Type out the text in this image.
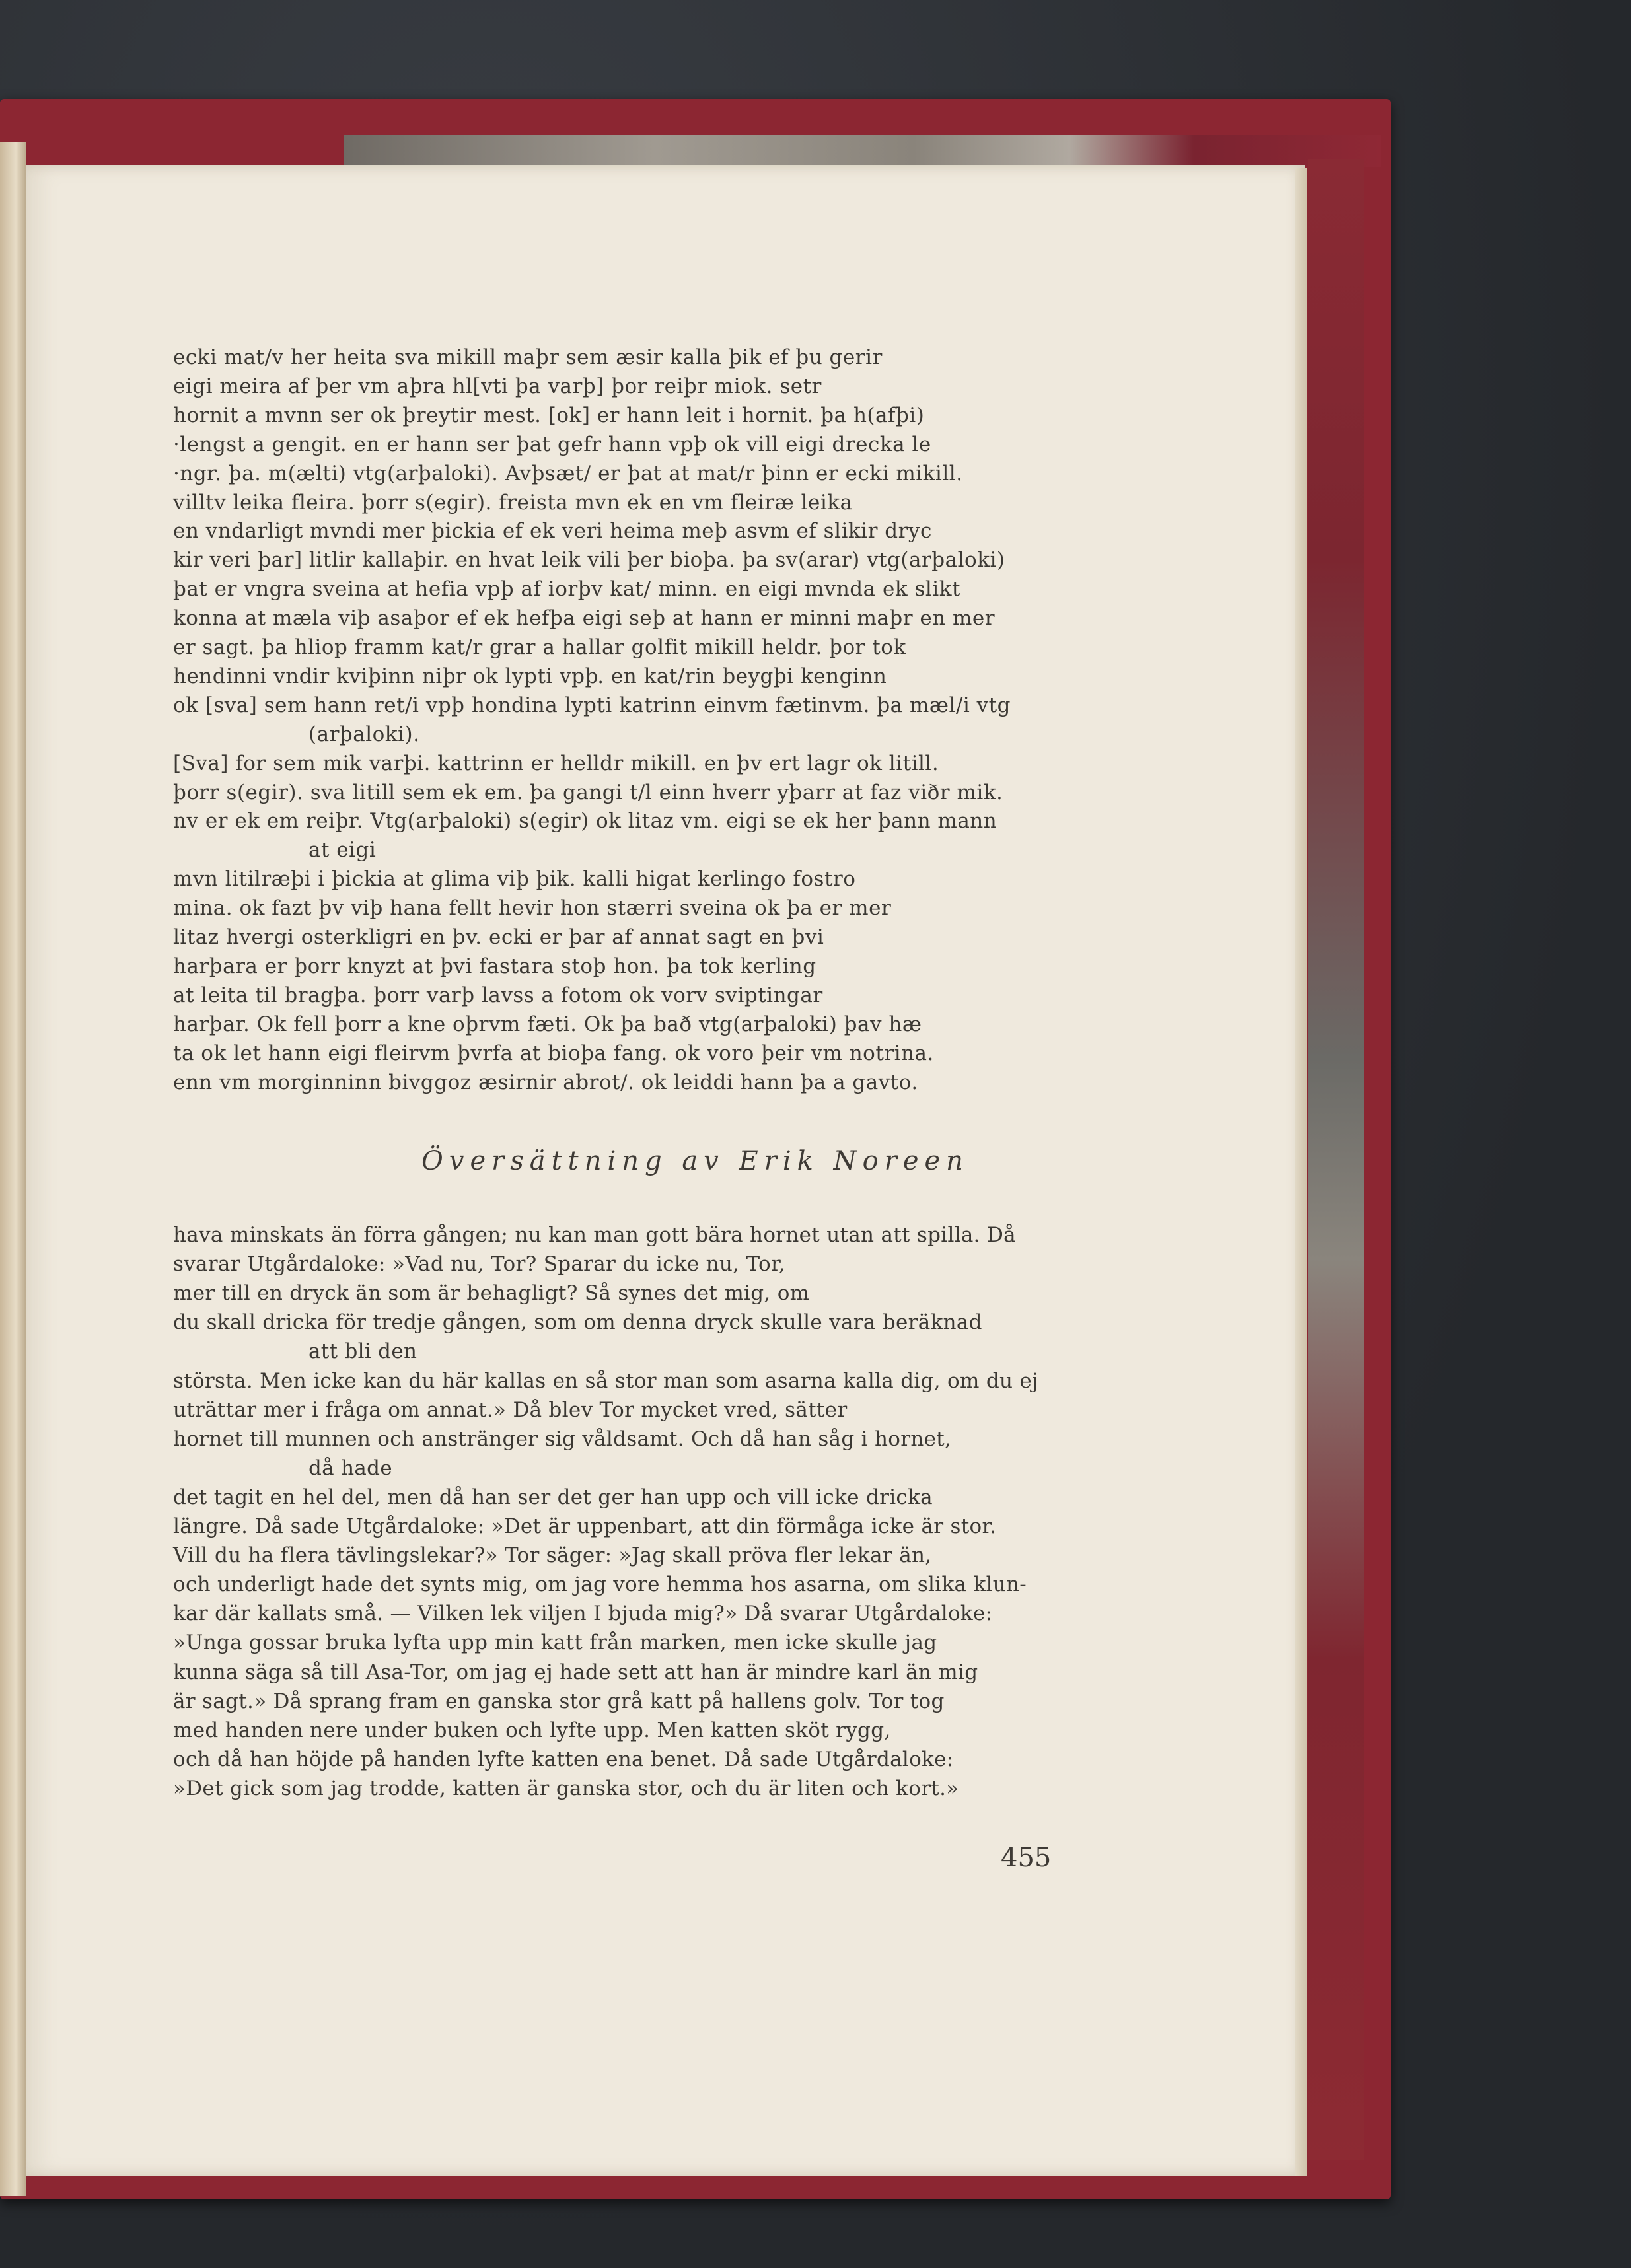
ecki mat/v her heita sva mikill maþr sem æsir kalla þik ef þu gerir
eigi meira af þer vm aþra hl[vti þa varþ] þor reiþr miok. setr
hornit a mvnn ser ok þreytir mest. [ok] er hann leit i hornit. þa h(afþi)
·lengst a gengit. en er hann ser þat gefr hann vpþ ok vill eigi drecka le
·ngr. þa. m(ælti) vtg(arþaloki). Avþsæt/ er þat at mat/r þinn er ecki mikill.
villtv leika fleira. þorr s(egir). freista mvn ek en vm fleiræ leika
en vndarligt mvndi mer þickia ef ek veri heima meþ asvm ef slikir dryc
kir veri þar] litlir kallaþir. en hvat leik vili þer bioþa. þa sv(arar) vtg(arþaloki)
þat er vngra sveina at hefia vpþ af iorþv kat/ minn. en eigi mvnda ek slikt
konna at mæla viþ asaþor ef ek hefþa eigi seþ at hann er minni maþr en mer
er sagt. þa hliop framm kat/r grar a hallar golfit mikill heldr. þor tok
hendinni vndir kviþinn niþr ok lypti vpþ. en kat/rin beygþi kenginn
ok [sva] sem hann ret/i vpþ hondina lypti katrinn einvm fætinvm. þa mæl/i vtg
(arþaloki).
[Sva] for sem mik varþi. kattrinn er helldr mikill. en þv ert lagr ok litill.
þorr s(egir). sva litill sem ek em. þa gangi t/l einn hverr yþarr at faz viðr mik.
nv er ek em reiþr. Vtg(arþaloki) s(egir) ok litaz vm. eigi se ek her þann mann
at eigi
mvn litilræþi i þickia at glima viþ þik. kalli higat kerlingo fostro
mina. ok fazt þv viþ hana fellt hevir hon stærri sveina ok þa er mer
litaz hvergi osterkligri en þv. ecki er þar af annat sagt en þvi
harþara er þorr knyzt at þvi fastara stoþ hon. þa tok kerling
at leita til bragþa. þorr varþ lavss a fotom ok vorv sviptingar
harþar. Ok fell þorr a kne oþrvm fæti. Ok þa bað vtg(arþaloki) þav hæ
ta ok let hann eigi fleirvm þvrfa at bioþa fang. ok voro þeir vm notrina.
enn vm morginninn bivggoz æsirnir abrot/. ok leiddi hann þa a gavto.
Översättning av Erik Noreen
hava minskats än förra gången; nu kan man gott bära hornet utan att spilla. Då
svarar Utgårdaloke: »Vad nu, Tor? Sparar du icke nu, Tor,
mer till en dryck än som är behagligt? Så synes det mig, om
du skall dricka för tredje gången, som om denna dryck skulle vara beräknad
att bli den
största. Men icke kan du här kallas en så stor man som asarna kalla dig, om du ej
uträttar mer i fråga om annat.» Då blev Tor mycket vred, sätter
hornet till munnen och anstränger sig våldsamt. Och då han såg i hornet,
då hade
det tagit en hel del, men då han ser det ger han upp och vill icke dricka
längre. Då sade Utgårdaloke: »Det är uppenbart, att din förmåga icke är stor.
Vill du ha flera tävlingslekar?» Tor säger: »Jag skall pröva fler lekar än,
och underligt hade det synts mig, om jag vore hemma hos asarna, om slika klun-
kar där kallats små. — Vilken lek viljen I bjuda mig?» Då svarar Utgårdaloke:
»Unga gossar bruka lyfta upp min katt från marken, men icke skulle jag
kunna säga så till Asa-Tor, om jag ej hade sett att han är mindre karl än mig
är sagt.» Då sprang fram en ganska stor grå katt på hallens golv. Tor tog
med handen nere under buken och lyfte upp. Men katten sköt rygg,
och då han höjde på handen lyfte katten ena benet. Då sade Utgårdaloke:
»Det gick som jag trodde, katten är ganska stor, och du är liten och kort.»
455
